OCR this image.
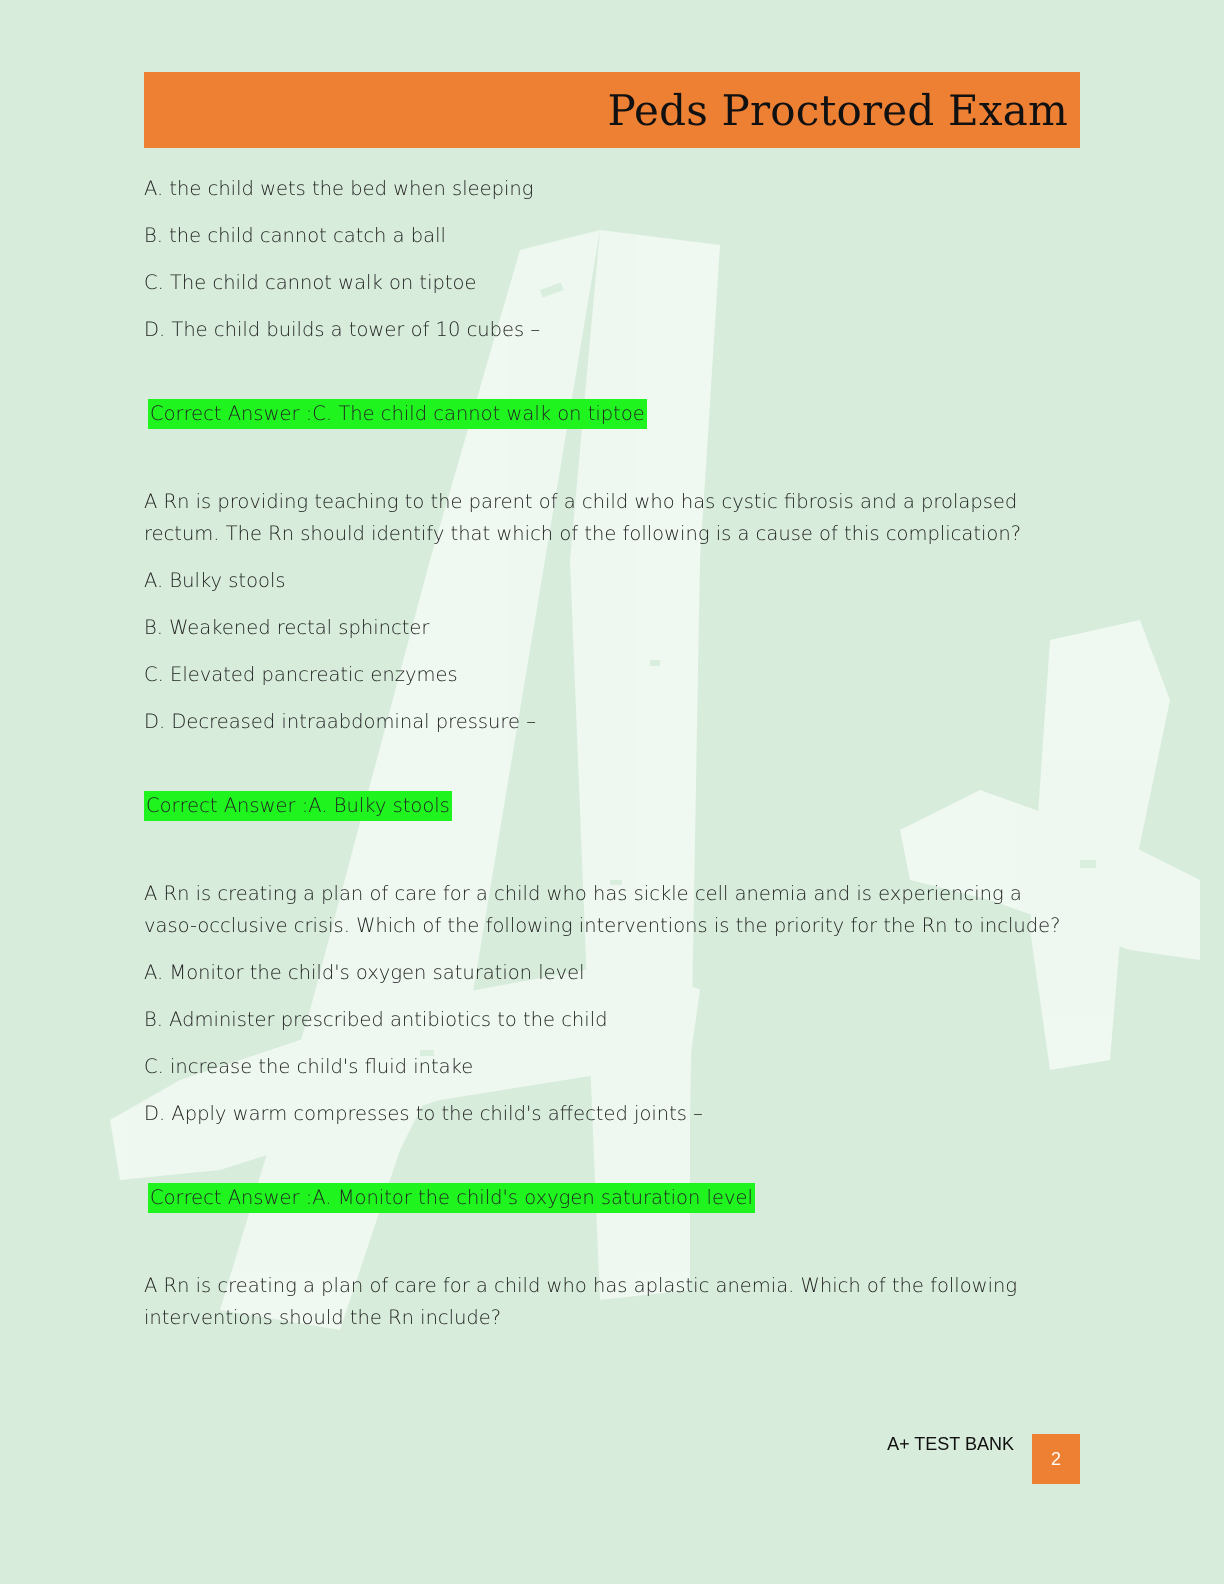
Peds Proctored Exam
A. the child wets the bed when sleeping
B. the child cannot catch a ball
C. The child cannot walk on tiptoe
D. The child builds a tower of 10 cubes –
Correct Answer :C. The child cannot walk on tiptoe
A Rn is providing teaching to the parent of a child who has cystic fibrosis and a prolapsed rectum. The Rn should identify that which of the following is a cause of this complication?
A. Bulky stools
B. Weakened rectal sphincter
C. Elevated pancreatic enzymes
D. Decreased intraabdominal pressure –
Correct Answer :A. Bulky stools
A Rn is creating a plan of care for a child who has sickle cell anemia and is experiencing a vaso-occlusive crisis. Which of the following interventions is the priority for the Rn to include?
A. Monitor the child's oxygen saturation level
B. Administer prescribed antibiotics to the child
C. increase the child's fluid intake
D. Apply warm compresses to the child's affected joints –
Correct Answer :A. Monitor the child's oxygen saturation level
A Rn is creating a plan of care for a child who has aplastic anemia. Which of the following interventions should the Rn include?
A+ TEST BANK
2
